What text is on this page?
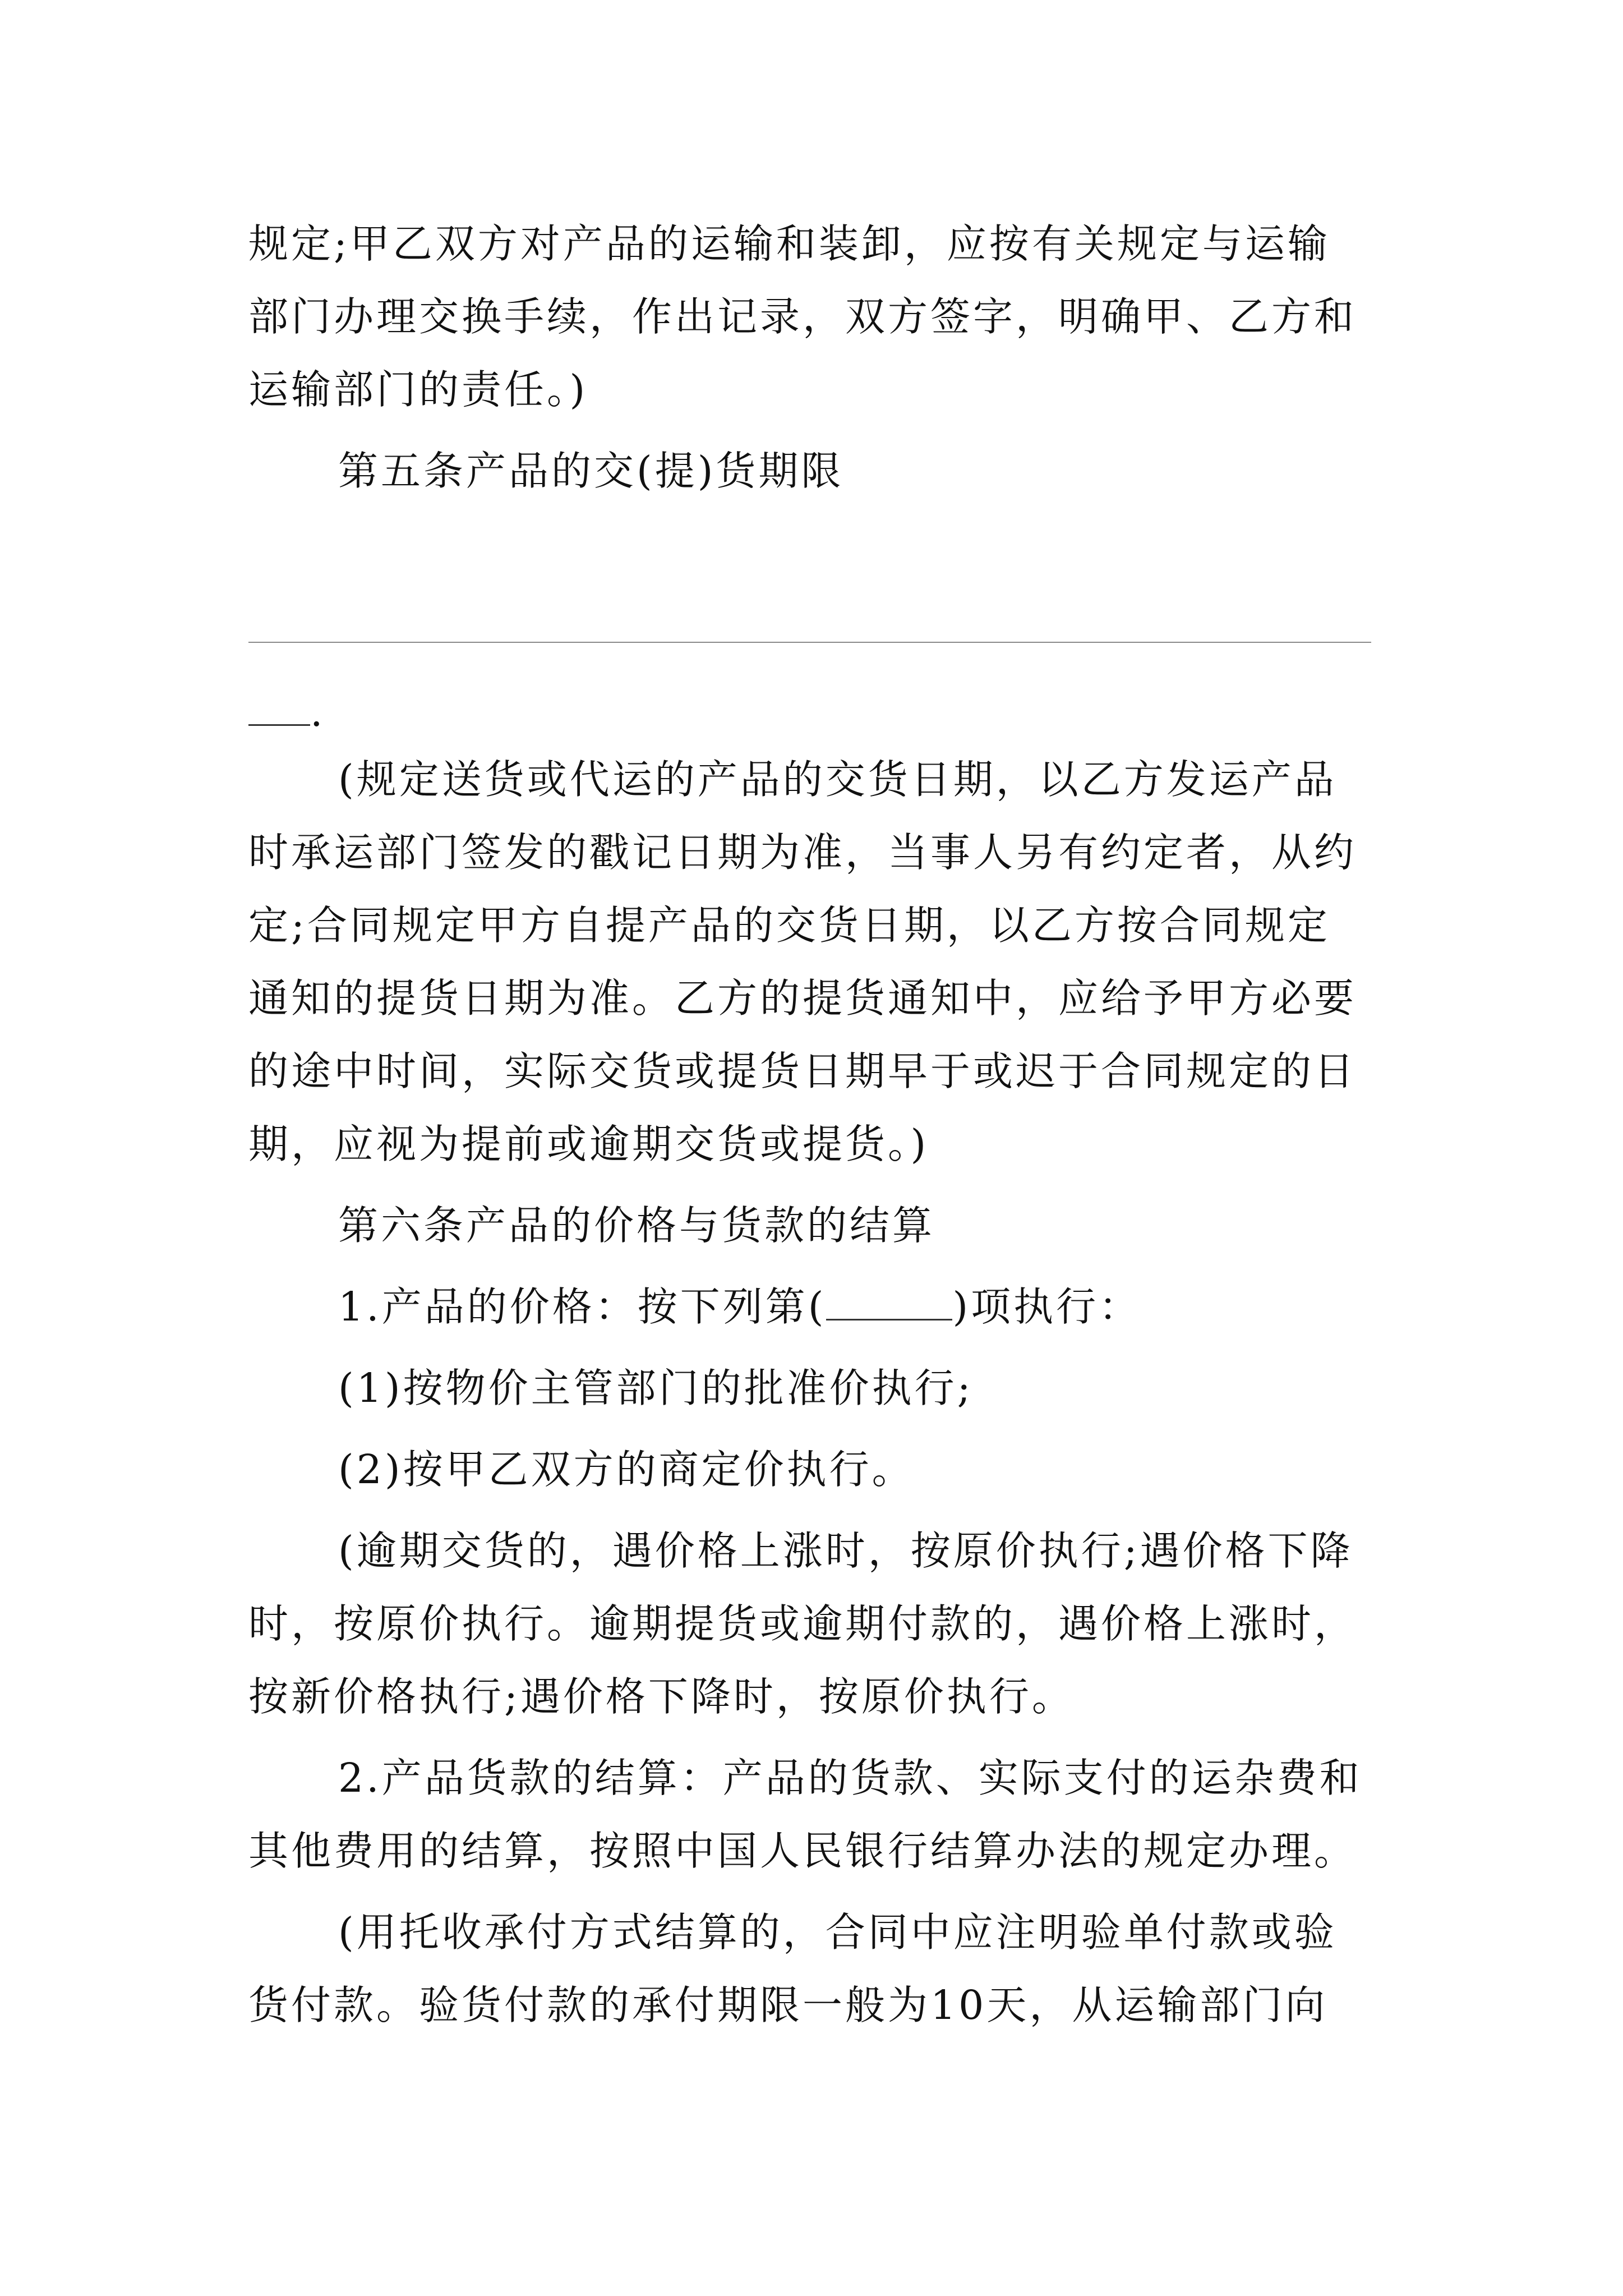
规定;甲乙双方对产品的运输和装卸，应按有关规定与运输

部门办理交换手续，作出记录，双方签字，明确甲、乙方和

运输部门的责任。)

第五条产品的交(提)货期限

.

(规定送货或代运的产品的交货日期，以乙方发运产品

时承运部门签发的戳记日期为准，当事人另有约定者，从约

定;合同规定甲方自提产品的交货日期，以乙方按合同规定

通知的提货日期为准。乙方的提货通知中，应给予甲方必要

的途中时间，实际交货或提货日期早于或迟于合同规定的日

期，应视为提前或逾期交货或提货。)

第六条产品的价格与货款的结算

1.产品的价格：按下列第(	)项执行：

(1)按物价主管部门的批准价执行;

(2)按甲乙双方的商定价执行。

(逾期交货的，遇价格上涨时，按原价执行;遇价格下降

时，按原价执行。逾期提货或逾期付款的，遇价格上涨时，

按新价格执行;遇价格下降时，按原价执行。

2.产品货款的结算：产品的货款、实际支付的运杂费和

其他费用的结算，按照中国人民银行结算办法的规定办理。

(用托收承付方式结算的，合同中应注明验单付款或验

货付款。验货付款的承付期限一般为10天，从运输部门向
